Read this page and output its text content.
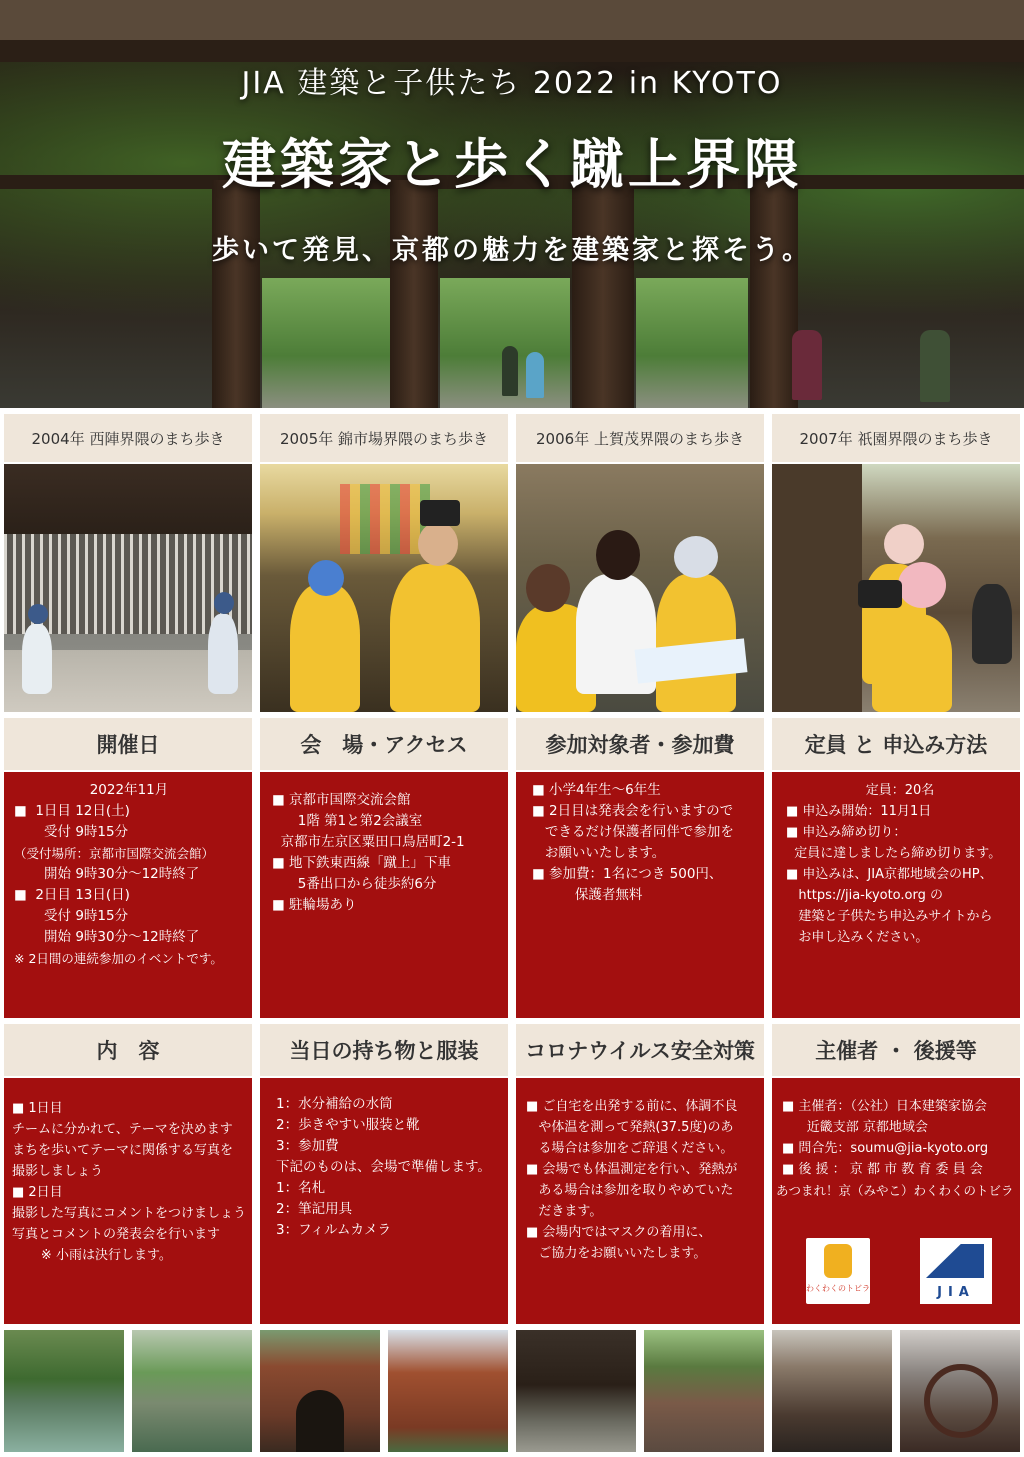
JIA 建築と子供たち 2022 in KYOTO
建築家と歩く蹴上界隈
歩いて発見、京都の魅力を建築家と探そう。
2004年 西陣界隈のまち歩き	2005年 錦市場界隈のまち歩き	2006年 上賀茂界隈のまち歩き	2007年 祇園界隈のまち歩き
開催日	会　場・アクセス	参加対象者・参加費	定員 と 申込み方法
2022年11月
■  1日目 12日(土)
受付 9時15分
（受付場所：京都市国際交流会館）
開始 9時30分〜12時終了
■  2日目 13日(日)
受付 9時15分
開始 9時30分〜12時終了
※ 2日間の連続参加のイベントです。
■ 京都市国際交流会館
1階 第1と第2会議室
京都市左京区粟田口鳥居町2-1
■ 地下鉄東西線「蹴上」下車
5番出口から徒歩約6分
■ 駐輪場あり
■ 小学4年生〜6年生
■ 2日目は発表会を行いますので
できるだけ保護者同伴で参加を
お願いいたします。
■ 参加費：1名につき 500円、
保護者無料
定員：20名
■ 申込み開始：11月1日
■ 申込み締め切り：
定員に達しましたら締め切ります。
■ 申込みは、JIA京都地域会のHP、
https://jia-kyoto.org の
建築と子供たち申込みサイトから
お申し込みください。
内　容	当日の持ち物と服装	コロナウイルス安全対策	主催者 ・ 後援等
■ 1日目
チームに分かれて、テーマを決めます
まちを歩いてテーマに関係する写真を
撮影しましょう
■ 2日目
撮影した写真にコメントをつけましょう
写真とコメントの発表会を行います
※ 小雨は決行します。
1：水分補給の水筒
2：歩きやすい服装と靴
3：参加費
下記のものは、会場で準備します。
1：名札
2：筆記用具
3：フィルムカメラ
■ ご自宅を出発する前に、体調不良
や体温を測って発熱(37.5度)のあ
る場合は参加をご辞退ください。
■ 会場でも体温測定を行い、発熱が
ある場合は参加を取りやめていた
だきます。
■ 会場内ではマスクの着用に、
ご協力をお願いいたします。
■ 主催者：（公社）日本建築家協会
近畿支部 京都地域会
■ 問合先：soumu@jia-kyoto.org
■ 後 援 ： 京 都 市 教 育 委 員 会
あつまれ！京（みやこ）わくわくのトビラ
わくわくのトビラ	JIA
